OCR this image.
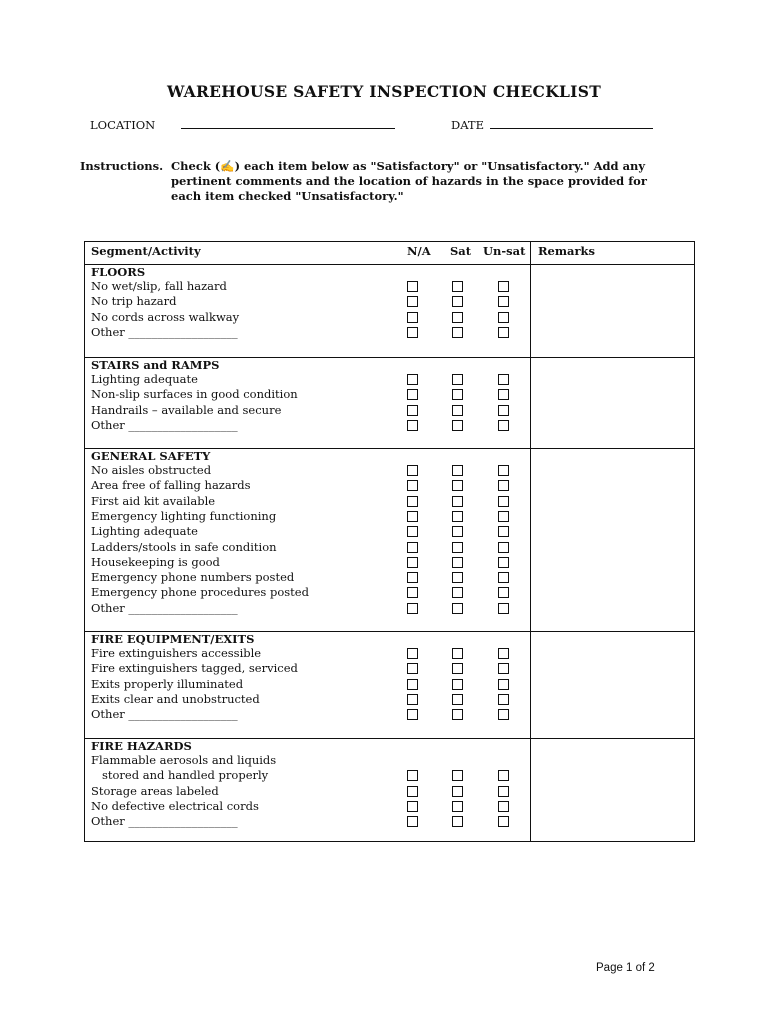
WAREHOUSE SAFETY INSPECTION CHECKLIST
LOCATION	DATE
Instructions. Check (✍) each item below as "Satisfactory" or "Unsatisfactory." Add any pertinent comments and the location of hazards in the space provided for each item checked "Unsatisfactory."
Segment/Activity	N/A Sat Un-sat Remarks
FLOORS
No wet/slip, fall hazard
No trip hazard
No cords across walkway
Other ___________________
STAIRS and RAMPS
Lighting adequate
Non-slip surfaces in good condition
Handrails – available and secure
Other ___________________
GENERAL SAFETY
No aisles obstructed
Area free of falling hazards
First aid kit available
Emergency lighting functioning
Lighting adequate
Ladders/stools in safe condition
Housekeeping is good
Emergency phone numbers posted
Emergency phone procedures posted
Other ___________________
FIRE EQUIPMENT/EXITS
Fire extinguishers accessible
Fire extinguishers tagged, serviced
Exits properly illuminated
Exits clear and unobstructed
Other ___________________
FIRE HAZARDS
Flammable aerosols and liquids
stored and handled properly
Storage areas labeled
No defective electrical cords
Other ___________________
Page 1 of 2
